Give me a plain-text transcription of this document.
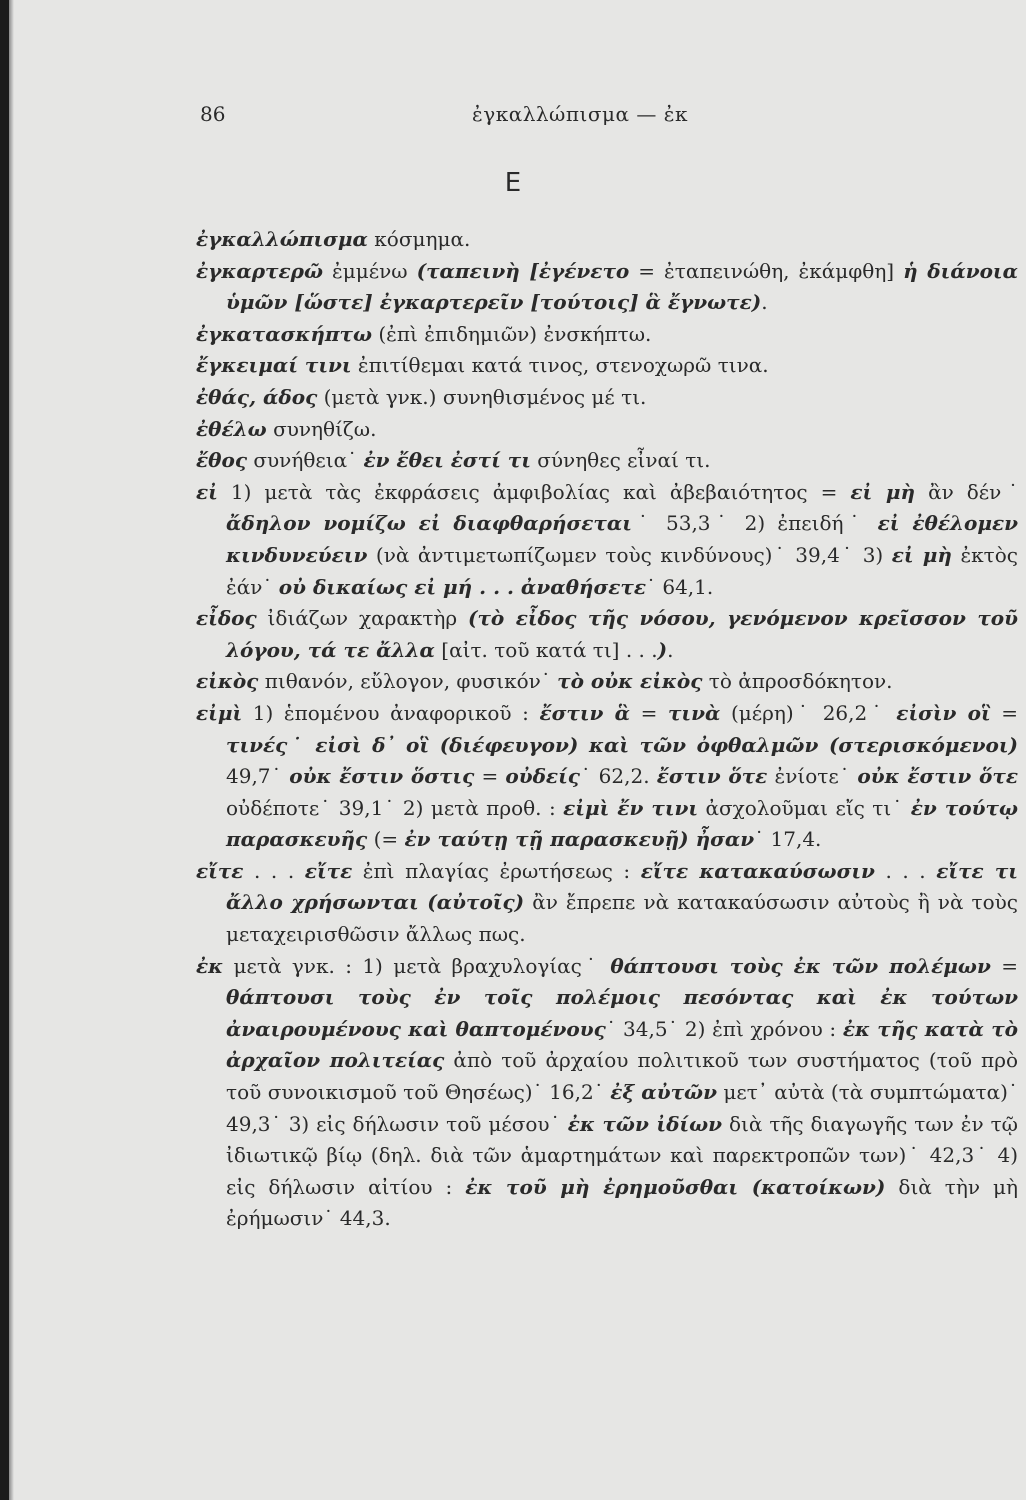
86	ἐγκαλλώπισμα — ἐκ
Ε

ἐγκαλλώπισμα κόσμημα.

ἐγκαρτερῶ ἐμμένω (ταπεινὴ [ἐγένετο = ἐταπεινώθη, ἐκάμφθη] ἡ διάνοια ὑμῶν [ὥστε] ἐγκαρτερεῖν [τούτοις] ἃ ἔγνωτε).

ἐγκατασκήπτω (ἐπὶ ἐπιδημιῶν) ἐνσκήπτω.

ἔγκειμαί τινι ἐπιτίθεμαι κατά τινος, στενοχωρῶ τινα.

ἐθάς, άδος (μετὰ γνκ.) συνηθισμένος μέ τι.

ἐθέλω συνηθίζω.

ἔθος συνήθεια˙ ἐν ἔθει ἐστί τι σύνηθες εἶναί τι.

εἰ 1) μετὰ τὰς ἐκφράσεις ἀμφιβολίας καὶ ἀβεβαιότητος = εἰ μὴ ἂν δέν˙ ἄδηλον νομίζω εἰ διαφθαρήσεται˙ 53,3˙ 2) ἐπειδή˙ εἰ ἐθέλομεν κινδυνεύειν (νὰ ἀντιμετωπίζωμεν τοὺς κινδύνους)˙ 39,4˙ 3) εἰ μὴ ἐκτὸς ἐάν˙ οὐ δικαίως εἰ μή . . . ἀναθήσετε˙ 64,1.

εἶδος ἰδιάζων χαρακτὴρ (τὸ εἶδος τῆς νόσου, γενόμενον κρεῖσσον τοῦ λόγου, τά τε ἄλλα [αἰτ. τοῦ κατά τι] . . .).

εἰκὸς πιθανόν, εὔλογον, φυσικόν˙ τὸ οὐκ εἰκὸς τὸ ἀπροσδόκητον.

εἰμὶ 1) ἑπομένου ἀναφορικοῦ : ἔστιν ἃ = τινὰ (μέρη)˙ 26,2˙ εἰσὶν οἳ = τινές˙ εἰσὶ δ᾽ οἳ (διέφευγον) καὶ τῶν ὀφθαλμῶν (στερισκόμενοι) 49,7˙ οὐκ ἔστιν ὅστις = οὐδείς˙ 62,2. ἔστιν ὅτε ἐνίοτε˙ οὐκ ἔστιν ὅτε οὐδέποτε˙ 39,1˙ 2) μετὰ προθ. : εἰμὶ ἔν τινι ἀσχολοῦμαι εἴς τι˙ ἐν τούτῳ παρασκευῆς (= ἐν ταύτῃ τῇ παρασκευῇ) ἦσαν˙ 17,4.

εἴτε . . . εἴτε ἐπὶ πλαγίας ἐρωτήσεως : εἴτε κατακαύσωσιν . . . εἴτε τι ἄλλο χρήσωνται (αὐτοῖς) ἂν ἔπρεπε νὰ κατακαύσωσιν αὐτοὺς ἢ νὰ τοὺς μεταχειρισθῶσιν ἄλλως πως.

ἐκ μετὰ γνκ. : 1) μετὰ βραχυλογίας˙ θάπτουσι τοὺς ἐκ τῶν πολέμων = θάπτουσι τοὺς ἐν τοῖς πολέμοις πεσόντας καὶ ἐκ τούτων ἀναιρουμένους καὶ θαπτομένους˙ 34,5˙ 2) ἐπὶ χρόνου : ἐκ τῆς κατὰ τὸ ἀρχαῖον πολιτείας ἀπὸ τοῦ ἀρχαίου πολιτικοῦ των συστήματος (τοῦ πρὸ τοῦ συνοικισμοῦ τοῦ Θησέως)˙ 16,2˙ ἐξ αὐτῶν μετ᾽ αὐτὰ (τὰ συμπτώματα)˙ 49,3˙ 3) εἰς δήλωσιν τοῦ μέσου˙ ἐκ τῶν ἰδίων διὰ τῆς διαγωγῆς των ἐν τῷ ἰδιωτικῷ βίῳ (δηλ. διὰ τῶν ἁμαρτημάτων καὶ παρεκτροπῶν των)˙ 42,3˙ 4) εἰς δήλωσιν αἰτίου : ἐκ τοῦ μὴ ἐρημοῦσθαι (κατοίκων) διὰ τὴν μὴ ἐρήμωσιν˙ 44,3.
